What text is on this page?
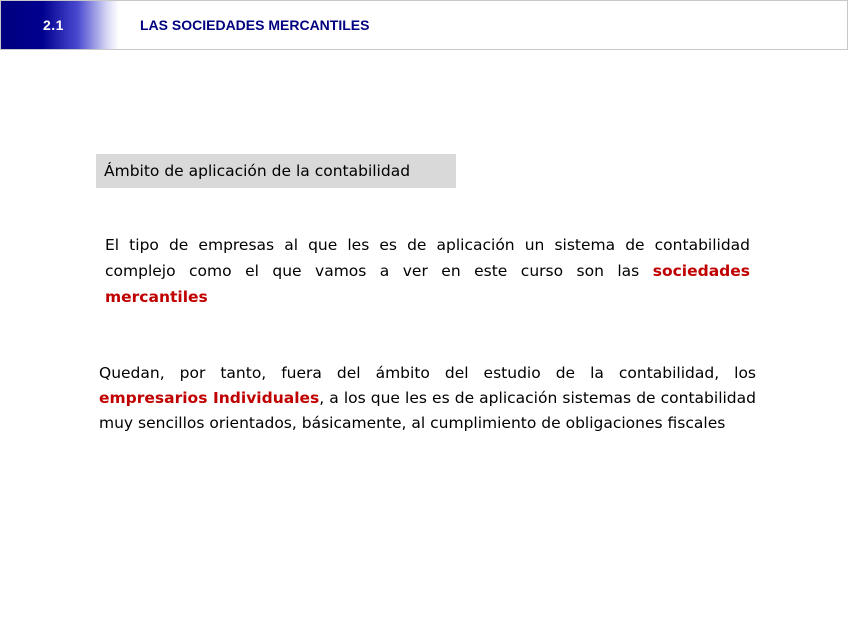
2.1	LAS SOCIEDADES MERCANTILES
Ámbito de aplicación de la contabilidad

El tipo de empresas al que les es de aplicación un sistema de contabilidad complejo como el que vamos a ver en este curso son las sociedades mercantiles

Quedan, por tanto, fuera del ámbito del estudio de la contabilidad, los empresarios Individuales, a los que les es de aplicación sistemas de contabilidad muy sencillos orientados, básicamente, al cumplimiento de obligaciones fiscales
